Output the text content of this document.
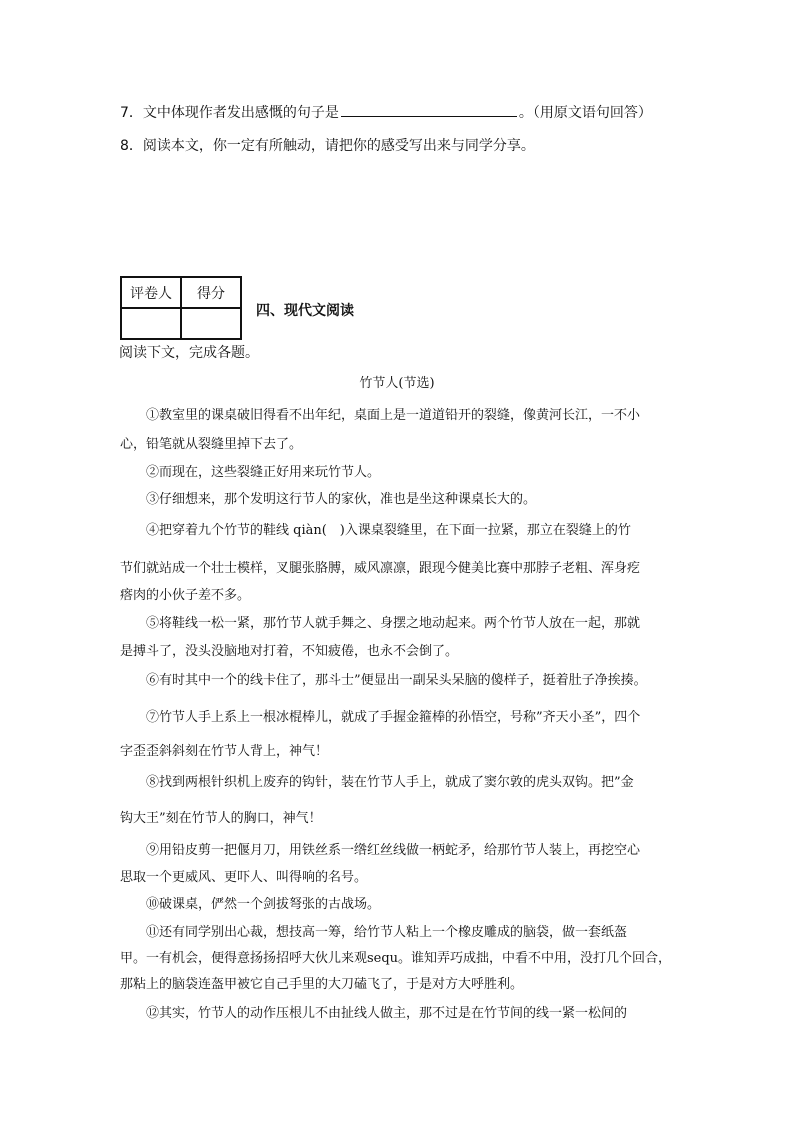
7．文中体现作者发出感慨的句子是	。（用原文语句回答）
8．阅读本文，你一定有所触动，请把你的感受写出来与同学分享。
评卷人	得分

四、现代文阅读
阅读下文，完成各题。
竹节人(节选)
①教室里的课桌破旧得看不出年纪，桌面上是一道道铅开的裂缝，像黄河长江，一不小
心，铅笔就从裂缝里掉下去了。
②而现在，这些裂缝正好用来玩竹节人。
③仔细想来，那个发明这行节人的家伙，准也是坐这种课桌长大的。
④把穿着九个竹节的鞋线 qiàn(　)入课桌裂缝里，在下面一拉紧，那立在裂缝上的竹
节们就站成一个壮士模样，叉腿张胳膊，威风凛凛，跟现今健美比赛中那脖子老粗、浑身疙
瘩肉的小伙子差不多。
⑤将鞋线一松一紧，那竹节人就手舞之、身摆之地动起来。两个竹节人放在一起，那就
是搏斗了，没头没脑地对打着，不知疲倦，也永不会倒了。
⑥有时其中一个的线卡住了，那斗士”便显出一副呆头呆脑的傻样子，挺着肚子净挨揍。
⑦竹节人手上系上一根冰棍棒儿，就成了手握金箍棒的孙悟空，号称”齐天小圣”，四个
字歪歪斜斜刻在竹节人背上，神气！
⑧找到两根针织机上废弃的钩针，装在竹节人手上，就成了窦尔敦的虎头双钩。把”金
钩大王”刻在竹节人的胸口，神气！
⑨用铅皮剪一把偃月刀，用铁丝系一绺红丝线做一柄蛇矛，给那竹节人装上，再挖空心
思取一个更威风、更吓人、叫得响的名号。
⑩破课桌，俨然一个剑拔弩张的古战场。
⑪还有同学别出心裁，想技高一筹，给竹节人粘上一个橡皮雕成的脑袋，做一套纸盔
甲。一有机会，便得意扬扬招呼大伙儿来观sequ。谁知弄巧成拙，中看不中用，没打几个回合，
那粘上的脑袋连盔甲被它自己手里的大刀磕飞了，于是对方大呼胜利。
⑫其实，竹节人的动作压根儿不由扯线人做主，那不过是在竹节间的线一紧一松间的
